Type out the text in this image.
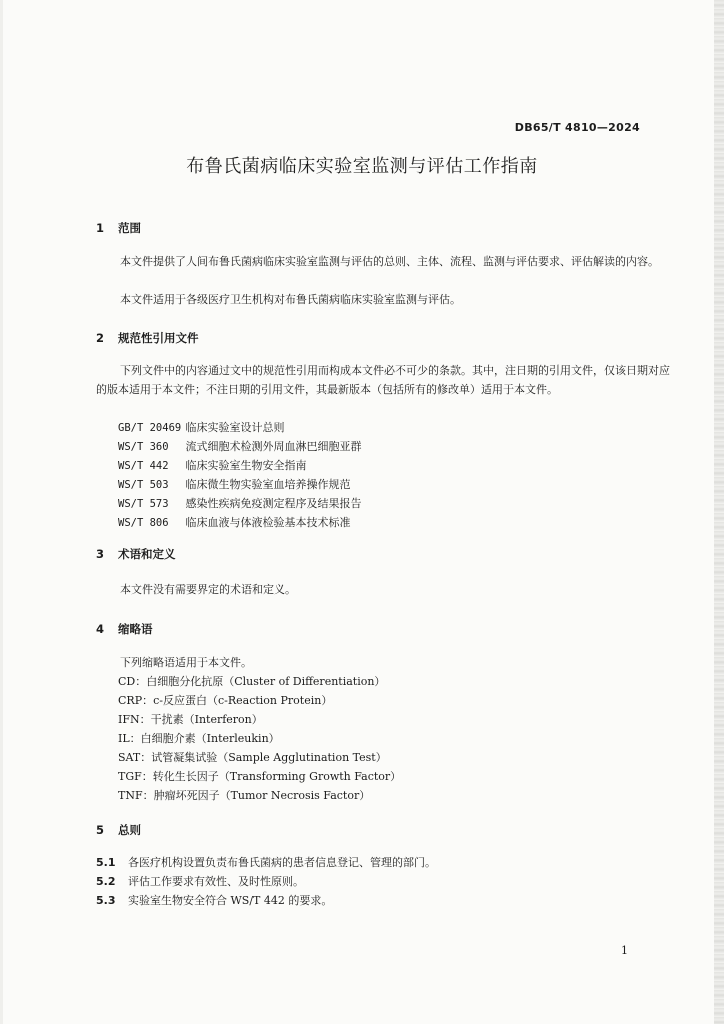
DB65/T 4810—2024
布鲁氏菌病临床实验室监测与评估工作指南
1 范围
本文件提供了人间布鲁氏菌病临床实验室监测与评估的总则、主体、流程、监测与评估要求、评估解读的内容。
本文件适用于各级医疗卫生机构对布鲁氏菌病临床实验室监测与评估。
2 规范性引用文件
下列文件中的内容通过文中的规范性引用而构成本文件必不可少的条款。其中，注日期的引用文件，仅该日期对应的版本适用于本文件；不注日期的引用文件，其最新版本（包括所有的修改单）适用于本文件。
GB/T 20469 临床实验室设计总则
WS/T 360 流式细胞术检测外周血淋巴细胞亚群
WS/T 442 临床实验室生物安全指南
WS/T 503 临床微生物实验室血培养操作规范
WS/T 573 感染性疾病免疫测定程序及结果报告
WS/T 806 临床血液与体液检验基本技术标准
3 术语和定义
本文件没有需要界定的术语和定义。
4 缩略语
下列缩略语适用于本文件。
CD：白细胞分化抗原（Cluster of Differentiation）
CRP：c-反应蛋白（c-Reaction Protein）
IFN：干扰素（Interferon）
IL：白细胞介素（Interleukin）
SAT：试管凝集试验（Sample Agglutination Test）
TGF：转化生长因子（Transforming Growth Factor）
TNF：肿瘤坏死因子（Tumor Necrosis Factor）
5 总则
5.1 各医疗机构设置负责布鲁氏菌病的患者信息登记、管理的部门。
5.2 评估工作要求有效性、及时性原则。
5.3 实验室生物安全符合 WS/T 442 的要求。
1
